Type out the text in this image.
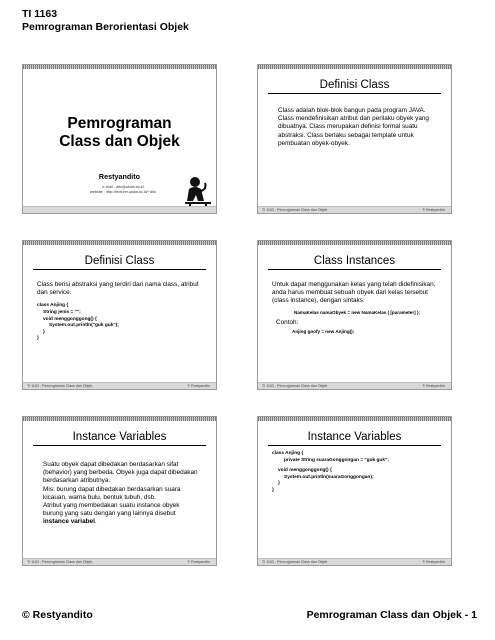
TI 1163
Pemrograman Berorientasi Objek
Pemrograman
Class dan Objek
Restyandito
e-mail : dito@ukdw.ac.id
website : http://lecturer.ukdw.ac.id/~dito
Definisi Class
Class adalah blok-blok bangun pada program JAVA. Class mendefinisikan atribut dan perilaku obyek yang dibuatnya. Class merupakan definisi formal suatu abstraksi. Class berlaku sebagai template untuk pembuatan obyek-obyek.
TI 1163 - Pemrograman Class dan Objek	© Restyandito
Definisi Class
Class berisi abstraksi yang terdiri dari nama class, atribut dan service.
class Anjing {
String jenis = "";
void menggonggong() {
System.out.println("guk guk");
}
}
TI 1163 - Pemrograman Class dan Objek	© Restyandito
Class Instances
Untuk dapat menggunakan kelas yang telah didefinisikan, anda harus membuat sebuah obyek dari kelas tersebut (class instance), dengan sintaks:
NamaKelas namaObyek = new NamaKelas ( [parameter] );
Contoh:
Anjing goofy = new Anjing();
TI 1163 - Pemrograman Class dan Objek	© Restyandito
Instance Variables
Suatu obyek dapat dibedakan berdasarkan sifat (behavior) yang berbeda. Obyek juga dapat dibedakan berdasarkan atributnya.
Mis: burung dapat dibedakan berdasarkan suara kicauan, warna bulu, bentuk tubuh, dsb.
Atribut yang membedakan suatu instance obyek burung yang satu dengan yang lainnya disebut instance variabel.
TI 1163 - Pemrograman Class dan Objek	© Restyandito
Instance Variables
class Anjing {
private String suaraGonggongan = "guk guk";
void menggonggong() {
System.out.println(suaraGonggongan);
}
}
TI 1163 - Pemrograman Class dan Objek	© Restyandito
© Restyandito	Pemrograman Class dan Objek - 1
